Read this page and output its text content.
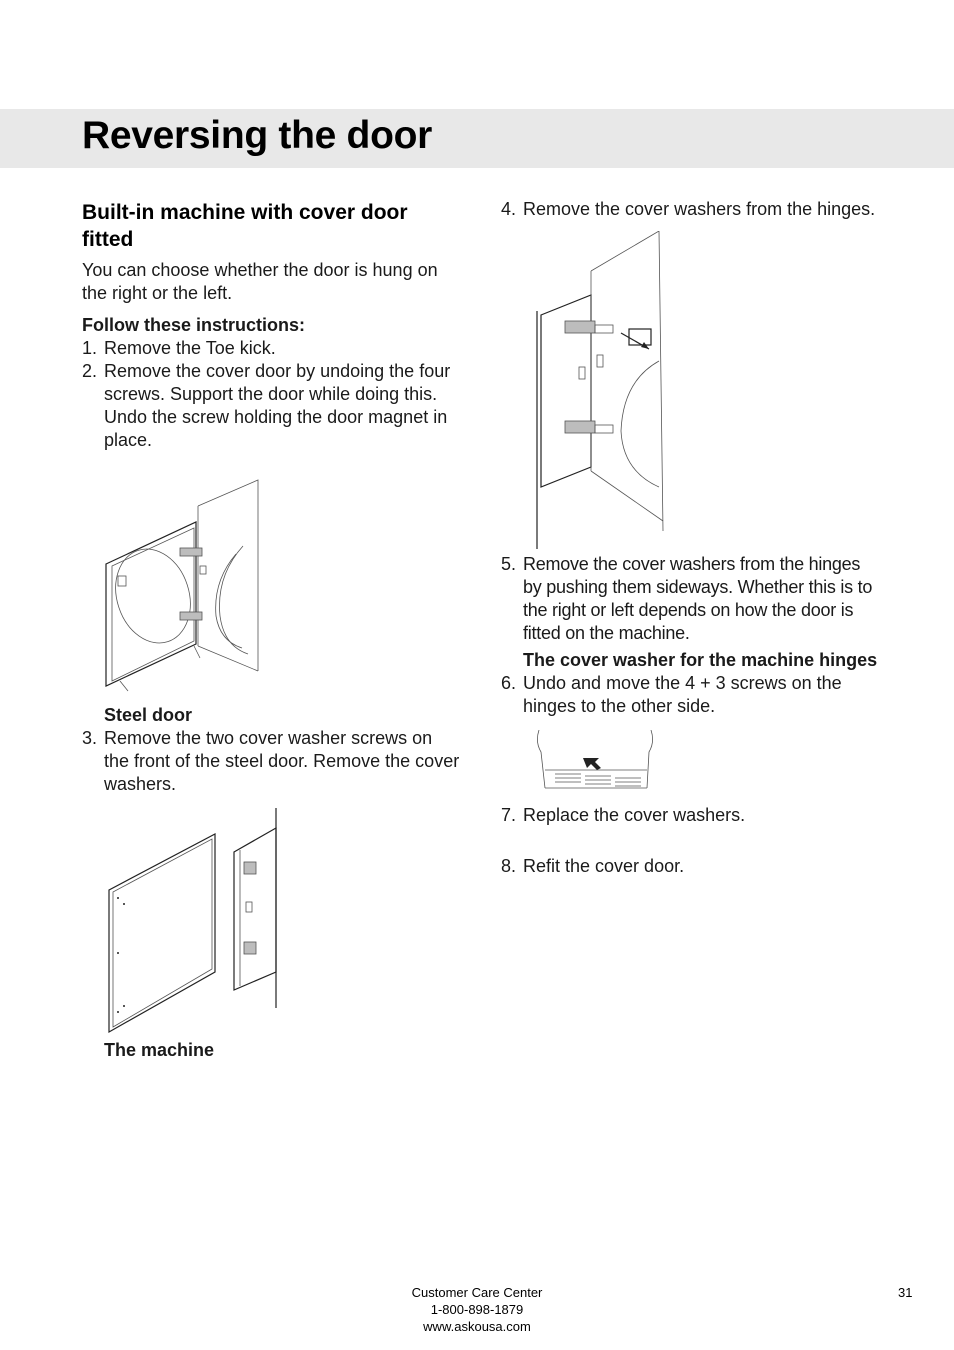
Reversing the door
Built-in machine with cover door fitted

You can choose whether the door is hung on the right or the left.

Follow these instructions:

1. Remove the Toe kick.
2. Remove the cover door by undoing the four screws. Support the door while doing this. Undo the screw holding the door magnet in place.

Steel door

3. Remove the two cover washer screws on the front of the steel door. Remove the cover washers.

The machine

4. Remove the cover washers from the hinges.
5. Remove the cover washers from the hinges by pushing them sideways. Whether this is to the right or left depends on how the door is fitted on the machine.

The cover washer for the machine hinges

6. Undo and move the 4 + 3 screws on the hinges to the other side.
7. Replace the cover washers.
8. Refit the cover door.
Customer Care Center
1-800-898-1879
www.askousa.com
31
